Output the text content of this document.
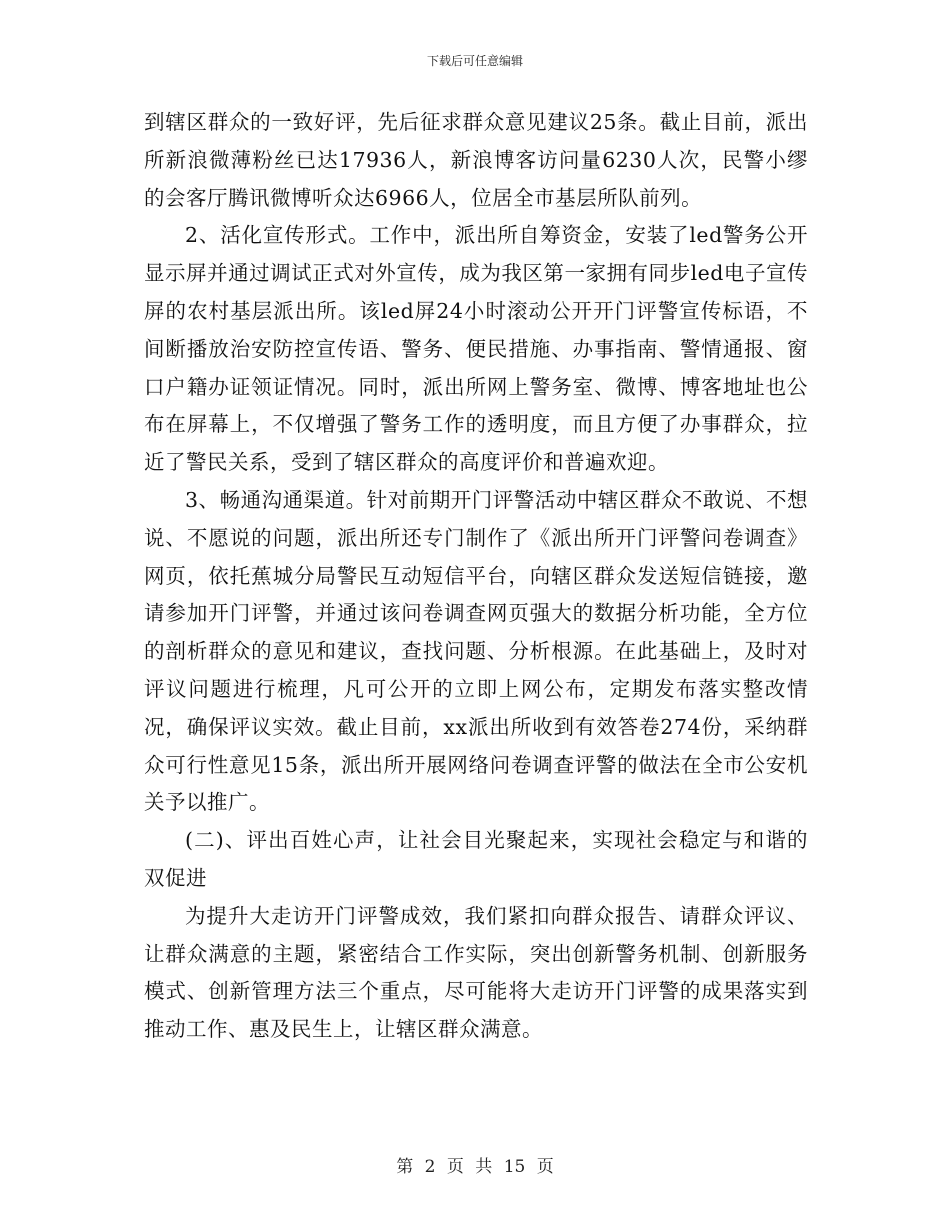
下载后可任意编辑

到辖区群众的一致好评，先后征求群众意见建议25条。截止目前，派出所新浪微薄粉丝已达17936人，新浪博客访问量6230人次，民警小缪的会客厅腾讯微博听众达6966人，位居全市基层所队前列。

2、活化宣传形式。工作中，派出所自筹资金，安装了led警务公开显示屏并通过调试正式对外宣传，成为我区第一家拥有同步led电子宣传屏的农村基层派出所。该led屏24小时滚动公开开门评警宣传标语，不间断播放治安防控宣传语、警务、便民措施、办事指南、警情通报、窗口户籍办证领证情况。同时，派出所网上警务室、微博、博客地址也公布在屏幕上，不仅增强了警务工作的透明度，而且方便了办事群众，拉近了警民关系，受到了辖区群众的高度评价和普遍欢迎。

3、畅通沟通渠道。针对前期开门评警活动中辖区群众不敢说、不想说、不愿说的问题，派出所还专门制作了《派出所开门评警问卷调查》网页，依托蕉城分局警民互动短信平台，向辖区群众发送短信链接，邀请参加开门评警，并通过该问卷调查网页强大的数据分析功能，全方位的剖析群众的意见和建议，查找问题、分析根源。在此基础上，及时对评议问题进行梳理，凡可公开的立即上网公布，定期发布落实整改情况，确保评议实效。截止目前，xx派出所收到有效答卷274份，采纳群众可行性意见15条，派出所开展网络问卷调查评警的做法在全市公安机关予以推广。

(二)、评出百姓心声，让社会目光聚起来，实现社会稳定与和谐的双促进

为提升大走访开门评警成效，我们紧扣向群众报告、请群众评议、让群众满意的主题，紧密结合工作实际，突出创新警务机制、创新服务模式、创新管理方法三个重点，尽可能将大走访开门评警的成果落实到推动工作、惠及民生上，让辖区群众满意。

第 2 页 共 15 页
